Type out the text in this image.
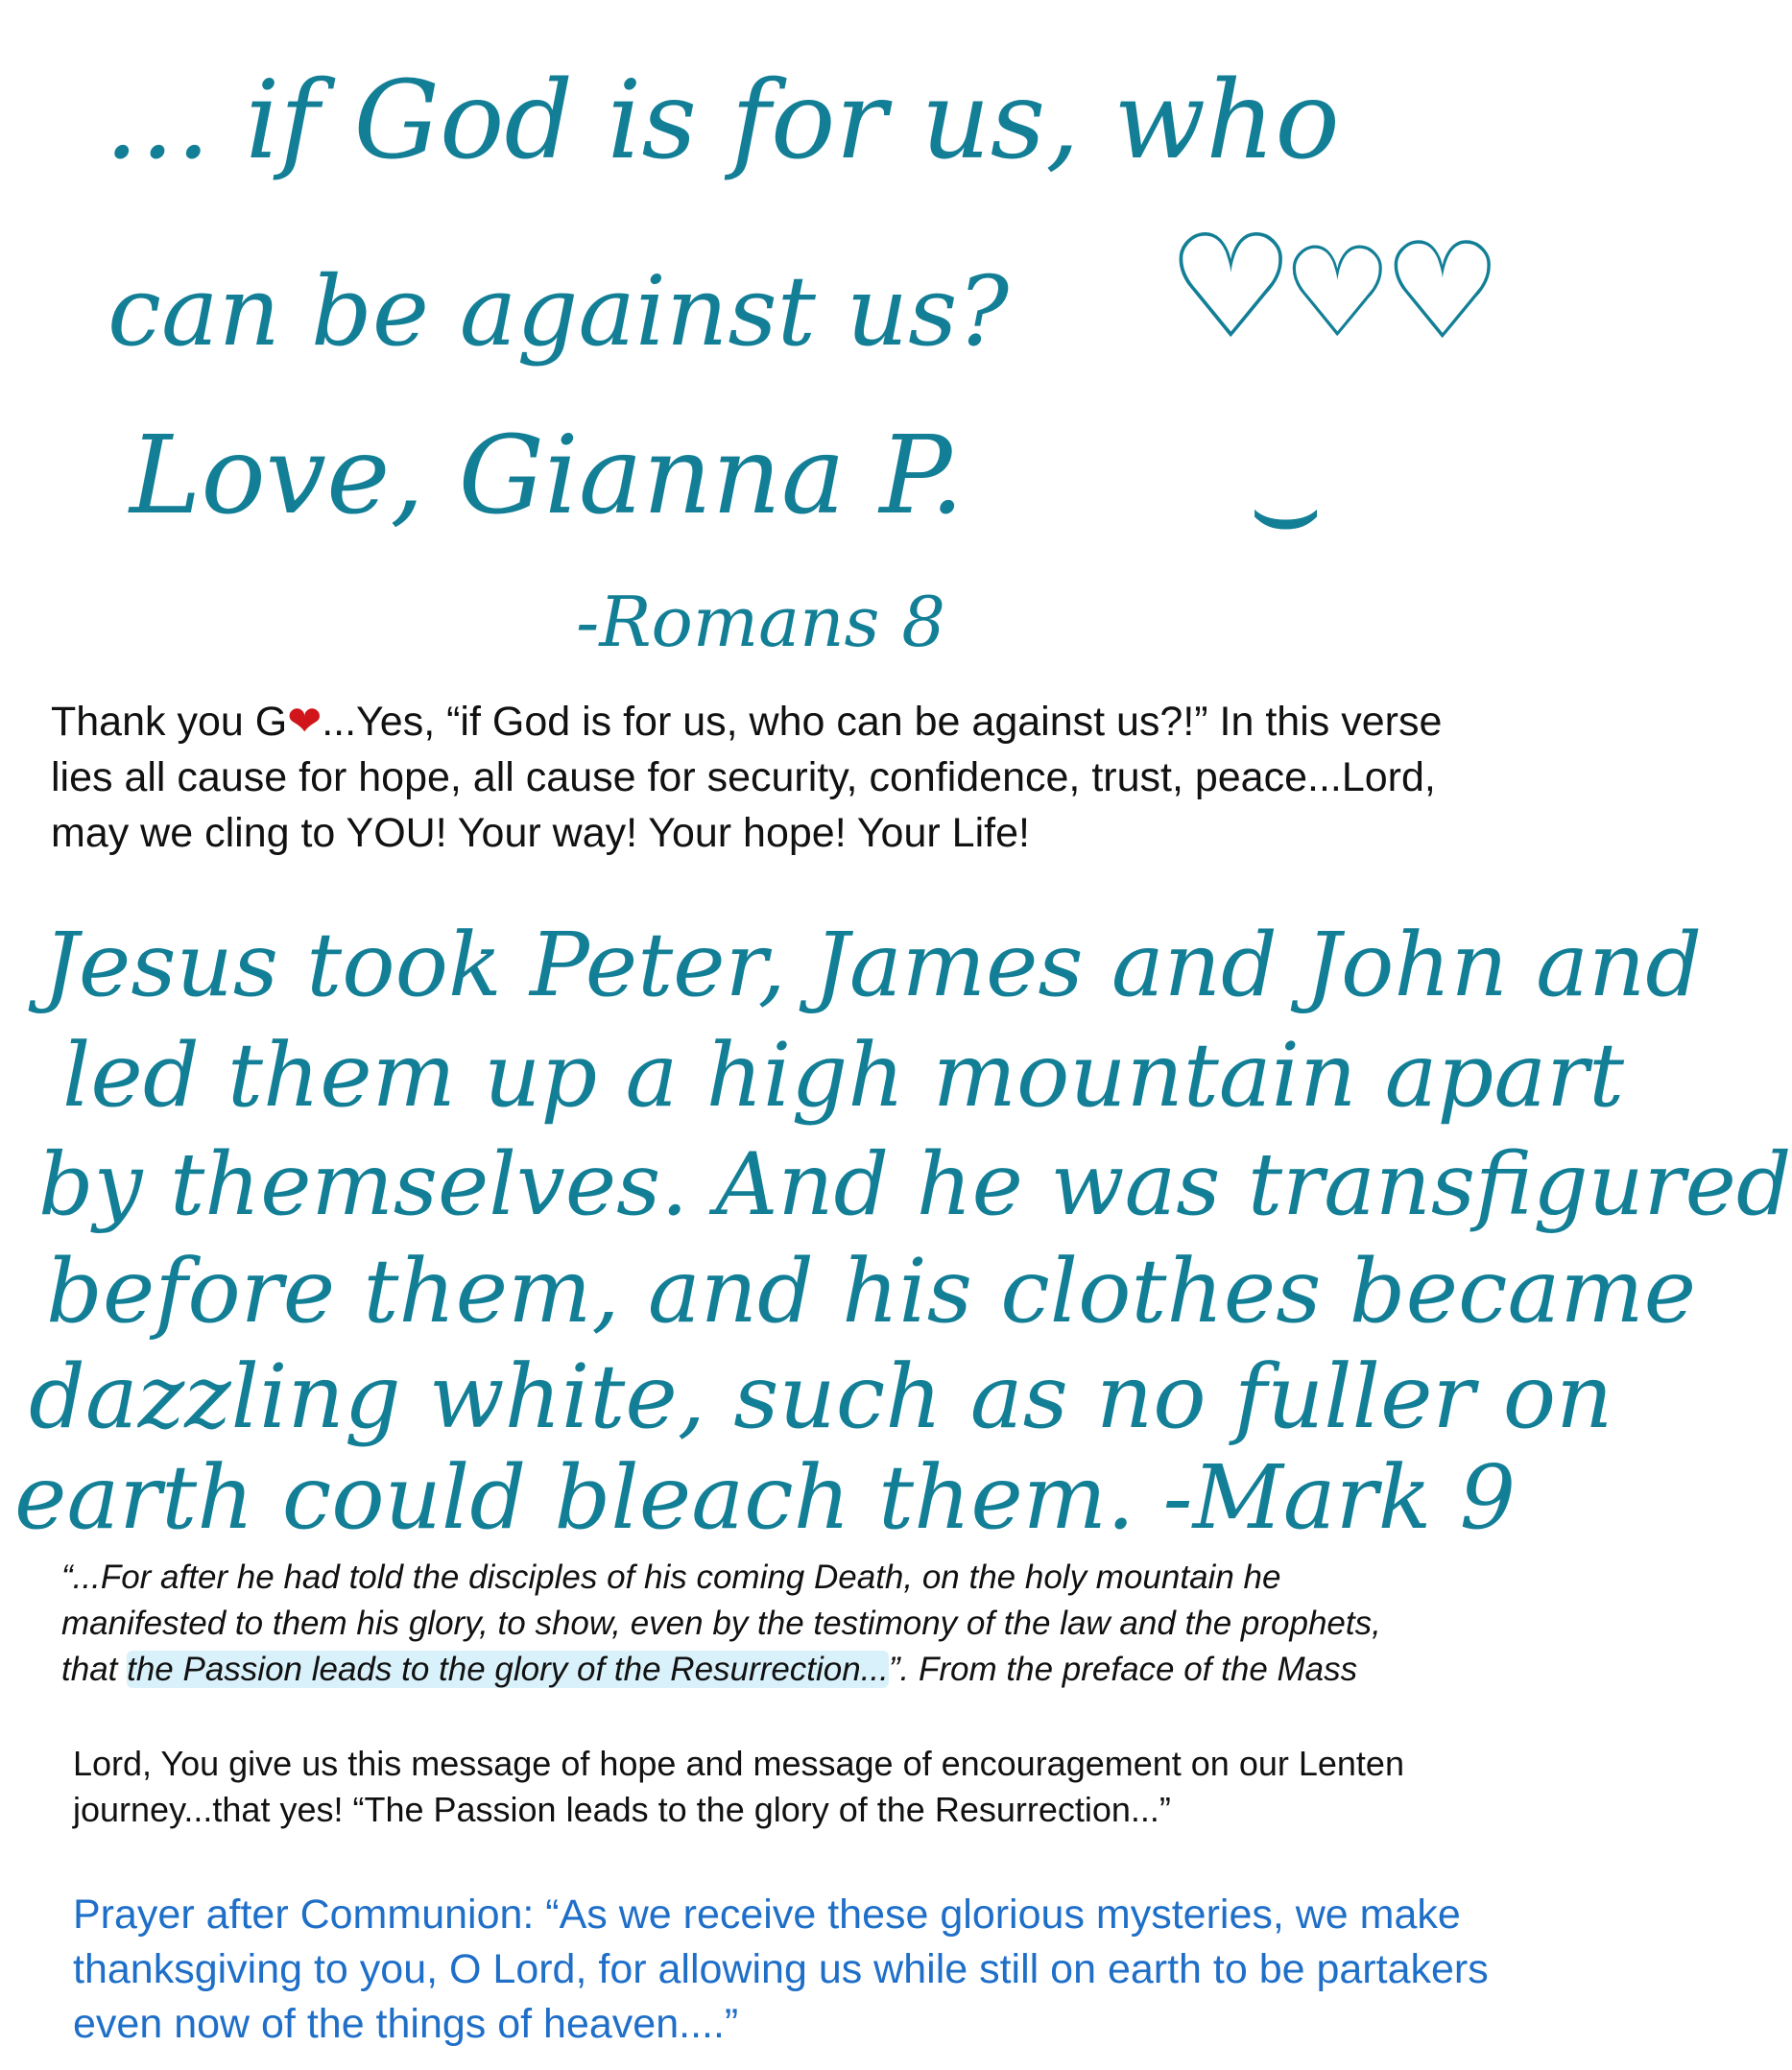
… if God is for us, who

can be against us? ♡
♡
♡

Love, Gianna P. ⌣

-Romans 8

Thank you G❤...Yes, “if God is for us, who can be against us?!” In this verse lies all cause for hope, all cause for security, confidence, trust, peace...Lord, may we cling to YOU! Your way! Your hope! Your Life!

Jesus took Peter, James and John and

led them up a high mountain apart

by themselves. And he was transfigured

before them, and his clothes became

dazzling white, such as no fuller on

earth could bleach them. -Mark 9

“...For after he had told the disciples of his coming Death, on the holy mountain he
manifested to them his glory, to show, even by the testimony of the law and the prophets,
that the Passion leads to the glory of the Resurrection...”. From the preface of the Mass

Lord, You give us this message of hope and message of encouragement on our Lenten journey...that yes! “The Passion leads to the glory of the Resurrection...”

Prayer after Communion: “As we receive these glorious mysteries, we make thanksgiving to you, O Lord, for allowing us while still on earth to be partakers even now of the things of heaven....”
